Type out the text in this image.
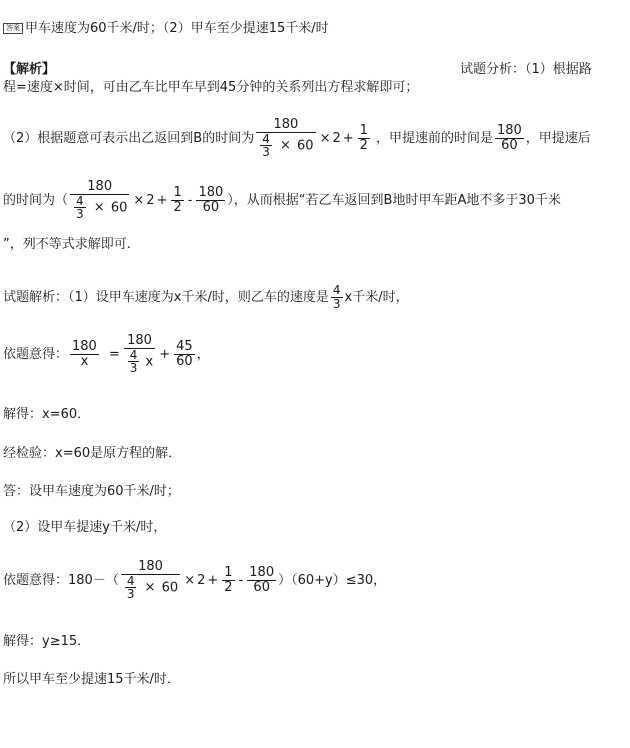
答案 甲车速度为60千米/时；（2）甲车至少提速15千米/时
【解析】	试题分析：（1）根据路
程=速度×时间，可由乙车比甲车早到45分钟的关系列出方程求解即可；
（2）根据题意可表示出乙返回到B的时间为 $\frac{180}{\frac{4}{3} \times 60} \times 2 + \frac{1}{2}$ ，甲提速前的时间是 $\frac{180}{60}$ ，甲提速后
的时间为（ $\frac{180}{\frac{4}{3} \times 60} \times 2 + \frac{1}{2} - \frac{180}{60}$ ），从而根据“若乙车返回到B地时甲车距A地不多于30千米
”，列不等式求解即可.
试题解析：（1）设甲车速度为x千米/时，则乙车的速度是 $\frac{4}{3}$ x千米/时，
依题意得： $\frac{180}{x} = \frac{180}{\frac{4}{3} x} + \frac{45}{60}$ ，
解得：x=60．
经检验：x=60是原方程的解．
答：设甲车速度为60千米/时；
（2）设甲车提速y千米/时，
依题意得：$180-( \frac{180}{\frac{4}{3} \times 60} \times 2 + \frac{1}{2} - \frac{180}{60} )(60+y)\le 30$，
解得：y≥15．
所以甲车至少提速15千米/时．
